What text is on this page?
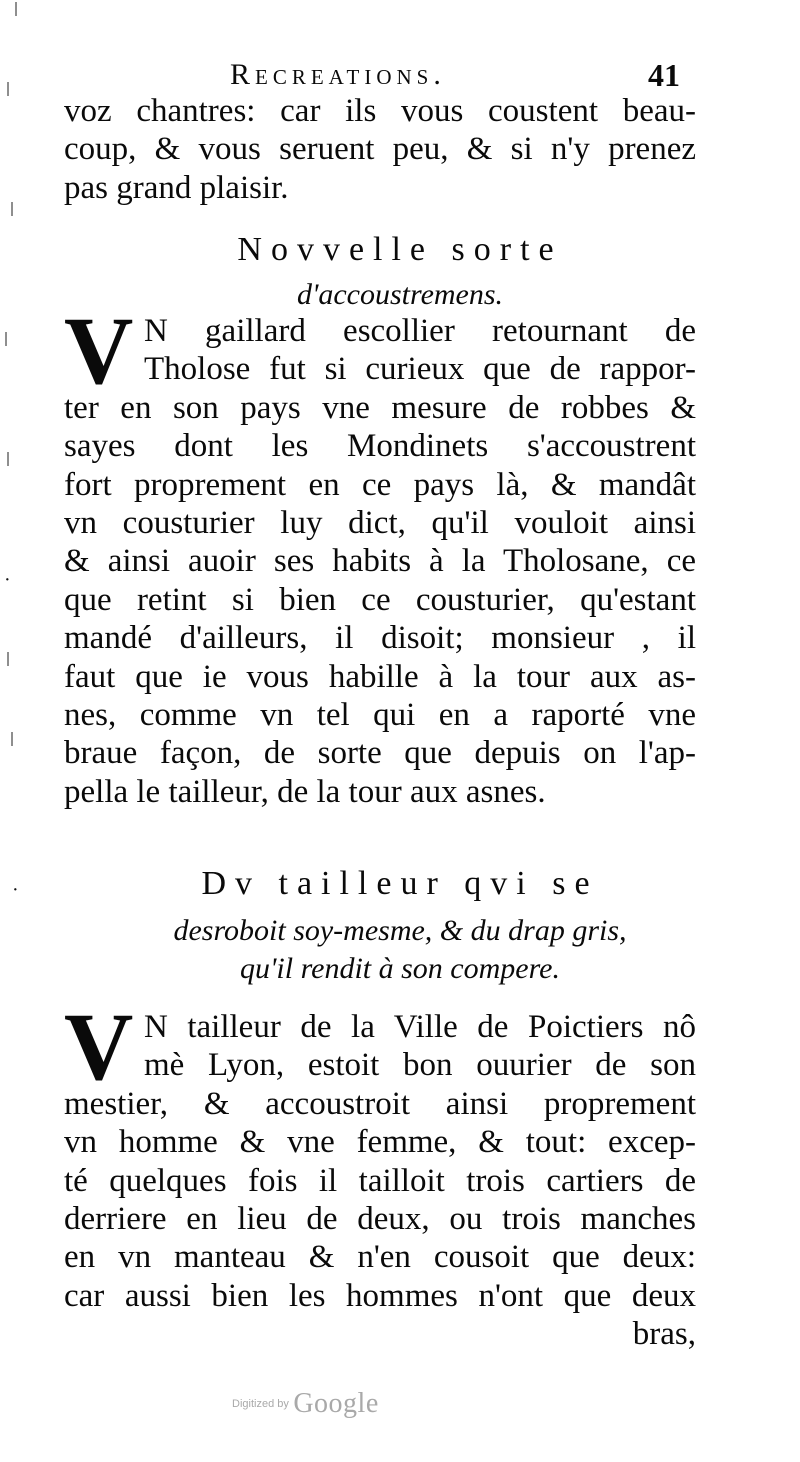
ǀ
ǀ
ǀ
ǀ
ǀ
·
ǀ
ǀ
·
Recreations.	41
voz chantres: car ils vous coustent beau-
coup, & vous seruent peu, & si n'y prenez
pas grand plaisir.
Novvelle sorte
d'accoustremens.
V N gaillard escollier retournant de
Tholose fut si curieux que de rappor-
ter en son pays vne mesure de robbes &
sayes dont les Mondinets s'accoustrent
fort proprement en ce pays là, & mandât
vn cousturier luy dict, qu'il vouloit ainsi
& ainsi auoir ses habits à la Tholosane, ce
que retint si bien ce cousturier, qu'estant
mandé d'ailleurs, il disoit; monsieur , il
faut que ie vous habille à la tour aux as-
nes, comme vn tel qui en a raporté vne
braue façon, de sorte que depuis on l'ap-
pella le tailleur, de la tour aux asnes.
Dv tailleur qvi se
desroboit soy-mesme, & du drap gris,
qu'il rendit à son compere.
V N tailleur de la Ville de Poictiers nô
mè Lyon, estoit bon ouurier de son
mestier, & accoustroit ainsi proprement
vn homme & vne femme, & tout: excep-
té quelques fois il tailloit trois cartiers de
derriere en lieu de deux, ou trois manches
en vn manteau & n'en cousoit que deux:
car aussi bien les hommes n'ont que deux
bras,
Digitized by Google
